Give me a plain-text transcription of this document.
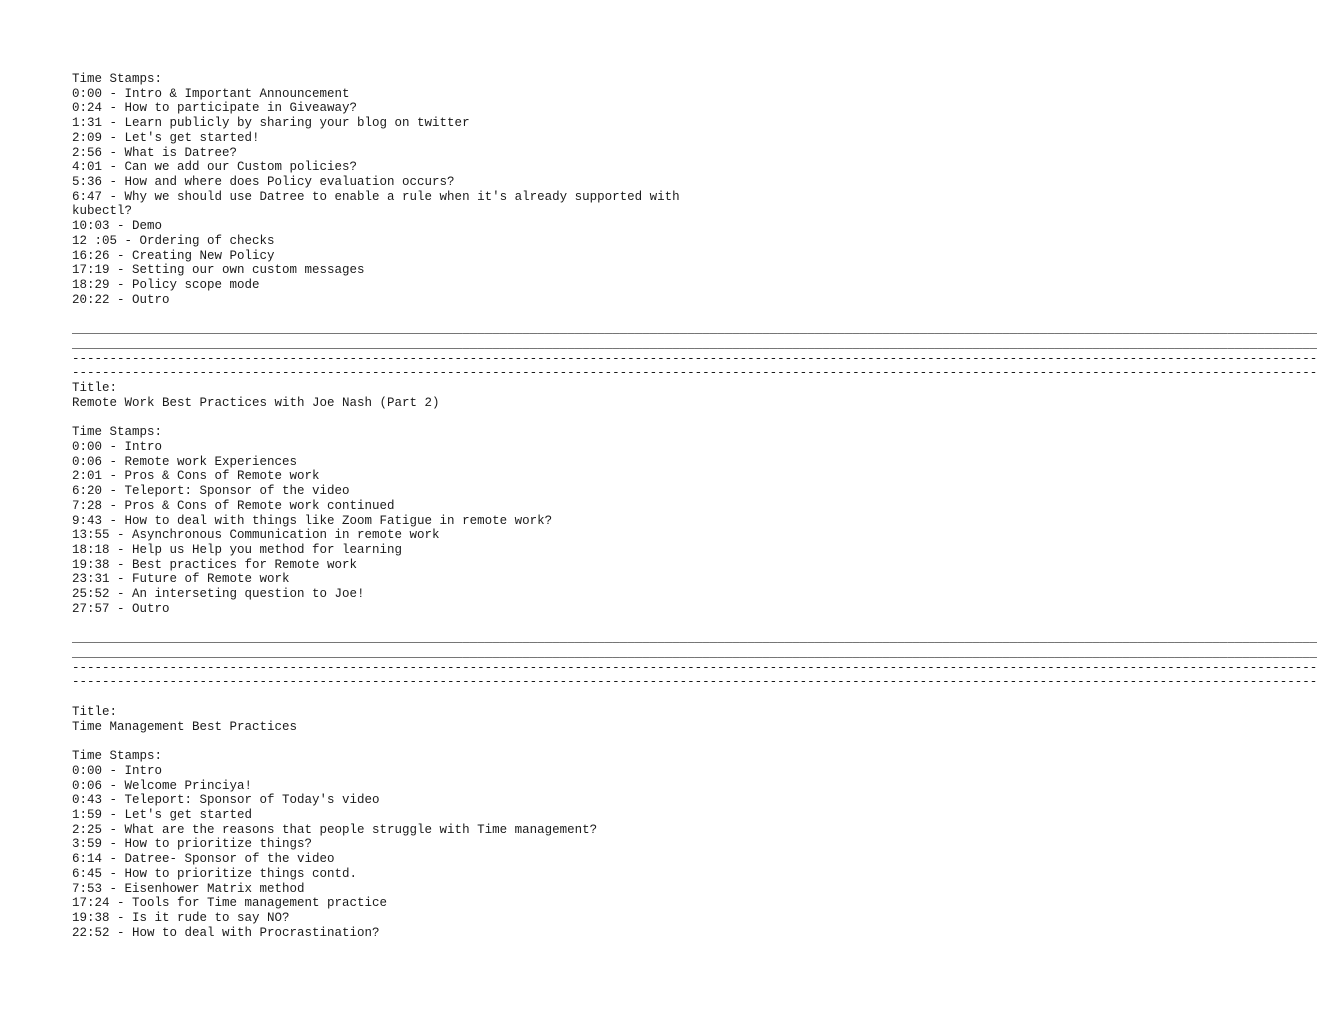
Time Stamps:
0:00 - Intro & Important Announcement
0:24 - How to participate in Giveaway?
1:31 - Learn publicly by sharing your blog on twitter
2:09 - Let's get started!
2:56 - What is Datree?
4:01 - Can we add our Custom policies?
5:36 - How and where does Policy evaluation occurs?
6:47 - Why we should use Datree to enable a rule when it's already supported with kubectl?
10:03 - Demo
12 :05 - Ordering of checks
16:26 - Creating New Policy
17:19 - Setting our own custom messages
18:29 - Policy scope mode
20:22 - Outro
______________________________________________________________________________________________________________________________________________________________________
______________________________________________________________________________________________________________________________________________________________________
----------------------------------------------------------------------------------------------------------------------------------------------------------------------
----------------------------------------------------------------------------------------------------------------------------------------------------------------------
Title:
Remote Work Best Practices with Joe Nash (Part 2)
Time Stamps:
0:00 - Intro
0:06 - Remote work Experiences
2:01 - Pros & Cons of Remote work
6:20 - Teleport: Sponsor of the video
7:28 - Pros & Cons of Remote work continued
9:43 - How to deal with things like Zoom Fatigue in remote work?
13:55 - Asynchronous Communication in remote work
18:18 - Help us Help you method for learning
19:38 - Best practices for Remote work
23:31 - Future of Remote work
25:52 - An interseting question to Joe!
27:57 - Outro
______________________________________________________________________________________________________________________________________________________________________
______________________________________________________________________________________________________________________________________________________________________
----------------------------------------------------------------------------------------------------------------------------------------------------------------------
----------------------------------------------------------------------------------------------------------------------------------------------------------------------
Title:
Time Management Best Practices
Time Stamps:
0:00 - Intro
0:06 - Welcome Princiya!
0:43 - Teleport: Sponsor of Today's video
1:59 - Let's get started
2:25 - What are the reasons that people struggle with Time management?
3:59 - How to prioritize things?
6:14 - Datree- Sponsor of the video
6:45 - How to prioritize things contd.
7:53 - Eisenhower Matrix method
17:24 - Tools for Time management practice
19:38 - Is it rude to say NO?
22:52 - How to deal with Procrastination?
